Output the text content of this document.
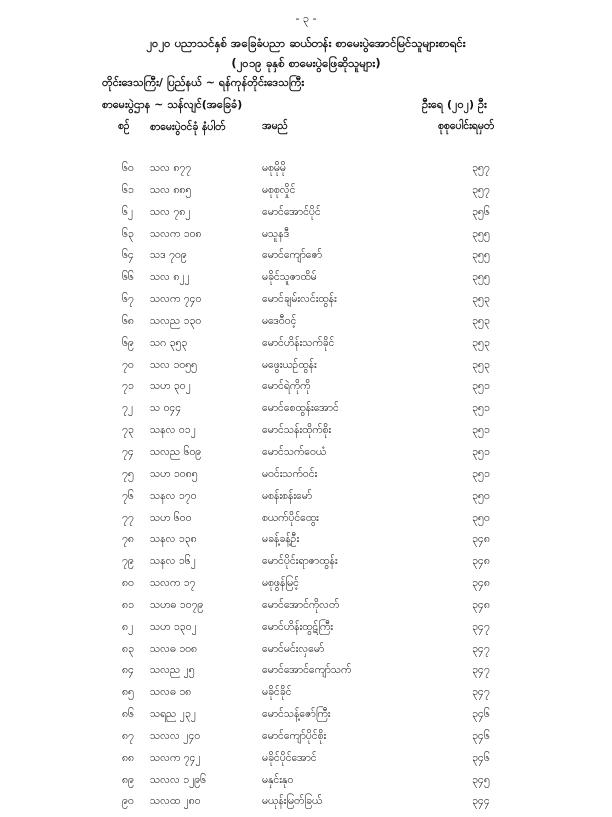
- ၃ -
၂၀၂၀ ပညာသင်နှစ် အခြေခံပညာ ဆယ်တန်း စာမေးပွဲအောင်မြင်သူများစာရင်း
(၂၀၁၉ ခုနှစ် စာမေးပွဲဖြေဆိုသူများ)
တိုင်းဒေသကြီး/ ပြည်နယ် ~ ရန်ကုန်တိုင်းဒေသကြီး
စာမေးပွဲဌာန ~ သန်လျင်(အခြေခံ)	ဦးရေ (၂၀၂) ဦး
စဉ် စာမေးပွဲဝင်ခုံ နံပါတ်	အမည်	စုစုပေါင်းရမှတ်
၆၀ သလ ၈၇၇	မစုမိုမို	၃၅၇
၆၁ သလ ၈၈၅	မစုစုလှိုင်	၃၅၇
၆၂ သလ ၇၈၂	မောင်အောင်ပိုင်	၃၅၆
၆၃ သလက ၁၀၈	မသူနဒီ	၃၅၅
၆၄ သဒ ၇၀၉	မောင်ကျော်ဇော်	၃၅၅
၆၆ သလ ၈၂၂	မခိုင်သူဇာထိမ်	၃၅၅
၆၇ သလက ၇၄၀	မောင်ချမ်းလင်းထွန်း	၃၅၃
၆၈ သလည ၁၃၀	မဒေဝီဝင့်	၃၅၃
၆၉ သဂ ၃၅၃	မောင်ဟိန်းသက်ခိုင်	၃၅၃
၇၀ သလ ၁၀၅၅	မဖွေးယဉ်ထွန်း	၃၅၃
၇၁ သဟ ၃၀၂	မောင်ရဲကိုကို	၃၅၁
၇၂ သ ၀၄၄	မောင်စေထွန်းအောင်	၃၅၁
၇၃ သနလ ၀၁၂	မောင်သန်းထိုက်စိုး	၃၅၁
၇၄ သလည ၆၀၉	မောင်သက်ဝေယံ	၃၅၁
၇၅ သဟ ၁၀၈၅	မဝင်းသက်ဝင်း	၃၅၁
၇၆ သနလ ၁၇၀	မစန်းစန်းမော်	၃၅၀
၇၇ သဟ ၆၀၀	စယက်ပိုင်ထွေး	၃၅၀
၇၈ သနလ ၁၃၈	မခန့်ခန့်ဦး	၃၄၈
၇၉ သနလ ၁၆၂	မောင်ပိုင်းရာဇာထွန်း	၃၄၈
၈၀ သလက ၁၇	မစုဖွန်မြင့်	၃၄၈
၈၁ သဟဓ ၁၀၇၉	မောင်အောင်ကိုလတ်	၃၄၈
၈၂ သဟ ၁၃၀၂	မောင်ဟိန်းထွဋ်ကြီး	၃၄၇
၈၃ သလဓ ၁၀၈	မောင်မင်းလှမော်	၃၄၇
၈၄ သလည ၂၅	မောင်အောင်ကျော်သက်	၃၄၇
၈၅ သလဓ ၁၈	မခိုင်ခိုင်	၃၄၇
၈၆ သရည ၂၃၂	မောင်သန့်ဇော်ကြီး	၃၄၆
၈၇ သလလ ၂၄၀	မောင်ကျော်ပိုင်စိုး	၃၄၆
၈၈ သလက ၇၄၂	မခိုင်ပိုင်အောင်	၃၄၆
၈၉ သလလ ၁၂၉၆	မနှင်းနုဝ	၃၄၅
၉၀ သလထ ၂၈၀	မယုန်းမြတ်ခြယ်	၃၄၄
